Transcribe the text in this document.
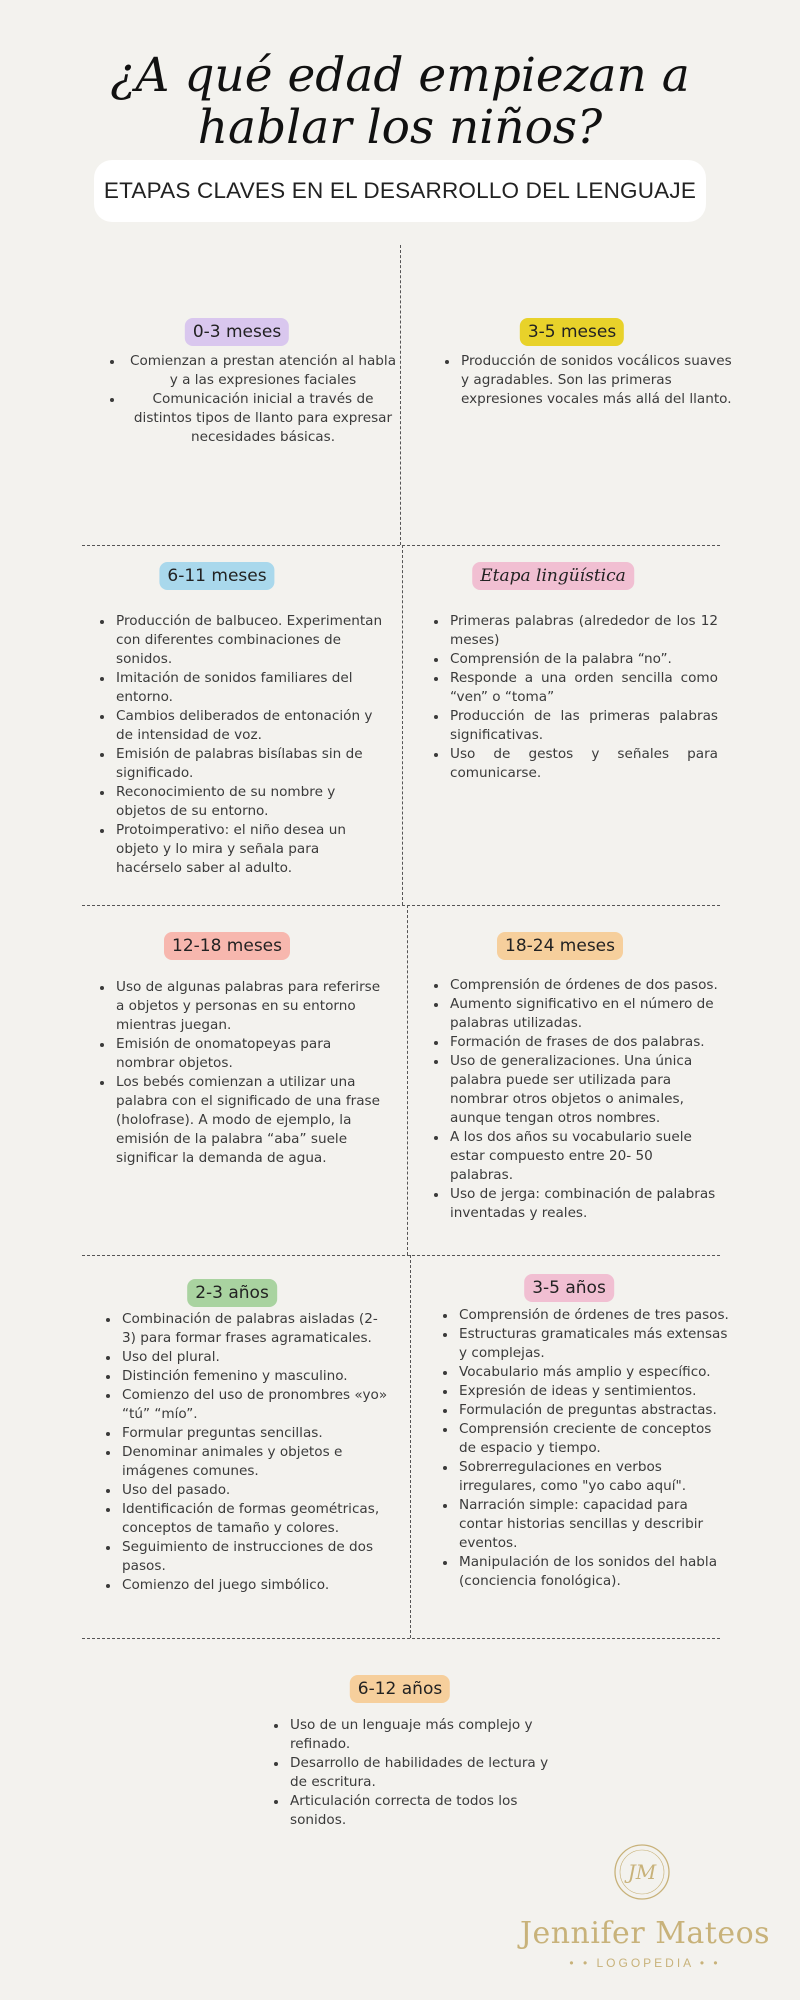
¿A qué edad empiezan a hablar los niños?
ETAPAS CLAVES EN EL DESARROLLO DEL LENGUAJE
0-3 meses
• Comienzan a prestan atención al habla y a las expresiones faciales
• Comunicación inicial a través de distintos tipos de llanto para expresar necesidades básicas.
3-5 meses
• Producción de sonidos vocálicos suaves y agradables. Son las primeras expresiones vocales más allá del llanto.
6-11 meses
• Producción de balbuceo. Experimentan con diferentes combinaciones de sonidos.
• Imitación de sonidos familiares del entorno.
• Cambios deliberados de entonación y de intensidad de voz.
• Emisión de palabras bisílabas sin de significado.
• Reconocimiento de su nombre y objetos de su entorno.
• Protoimperativo: el niño desea un objeto y lo mira y señala para hacérselo saber al adulto.
Etapa lingüística
• Primeras palabras (alrededor de los 12 meses)
• Comprensión de la palabra “no”.
• Responde a una orden sencilla como “ven” o “toma”
• Producción de las primeras palabras significativas.
• Uso de gestos y señales para comunicarse.
12-18 meses
• Uso de algunas palabras para referirse a objetos y personas en su entorno mientras juegan.
• Emisión de onomatopeyas para nombrar objetos.
• Los bebés comienzan a utilizar una palabra con el significado de una frase (holofrase). A modo de ejemplo, la emisión de la palabra “aba” suele significar la demanda de agua.
18-24 meses
• Comprensión de órdenes de dos pasos.
• Aumento significativo en el número de palabras utilizadas.
• Formación de frases de dos palabras.
• Uso de generalizaciones. Una única palabra puede ser utilizada para nombrar otros objetos o animales, aunque tengan otros nombres.
• A los dos años su vocabulario suele estar compuesto entre 20- 50 palabras.
• Uso de jerga: combinación de palabras inventadas y reales.
2-3 años
• Combinación de palabras aisladas (2-3) para formar frases agramaticales.
• Uso del plural.
• Distinción femenino y masculino.
• Comienzo del uso de pronombres «yo» “tú” “mío”.
• Formular preguntas sencillas.
• Denominar animales y objetos e imágenes comunes.
• Uso del pasado.
• Identificación de formas geométricas, conceptos de tamaño y colores.
• Seguimiento de instrucciones de dos pasos.
• Comienzo del juego simbólico.
3-5 años
• Comprensión de órdenes de tres pasos.
• Estructuras gramaticales más extensas y complejas.
• Vocabulario más amplio y específico.
• Expresión de ideas y sentimientos.
• Formulación de preguntas abstractas.
• Comprensión creciente de conceptos de espacio y tiempo.
• Sobrerregulaciones en verbos irregulares, como "yo cabo aquí".
• Narración simple: capacidad para contar historias sencillas y describir eventos.
• Manipulación de los sonidos del habla (conciencia fonológica).
6-12 años
• Uso de un lenguaje más complejo y refinado.
• Desarrollo de habilidades de lectura y de escritura.
• Articulación correcta de todos los sonidos.
JM
Jennifer Mateos
• • LOGOPEDIA • •
